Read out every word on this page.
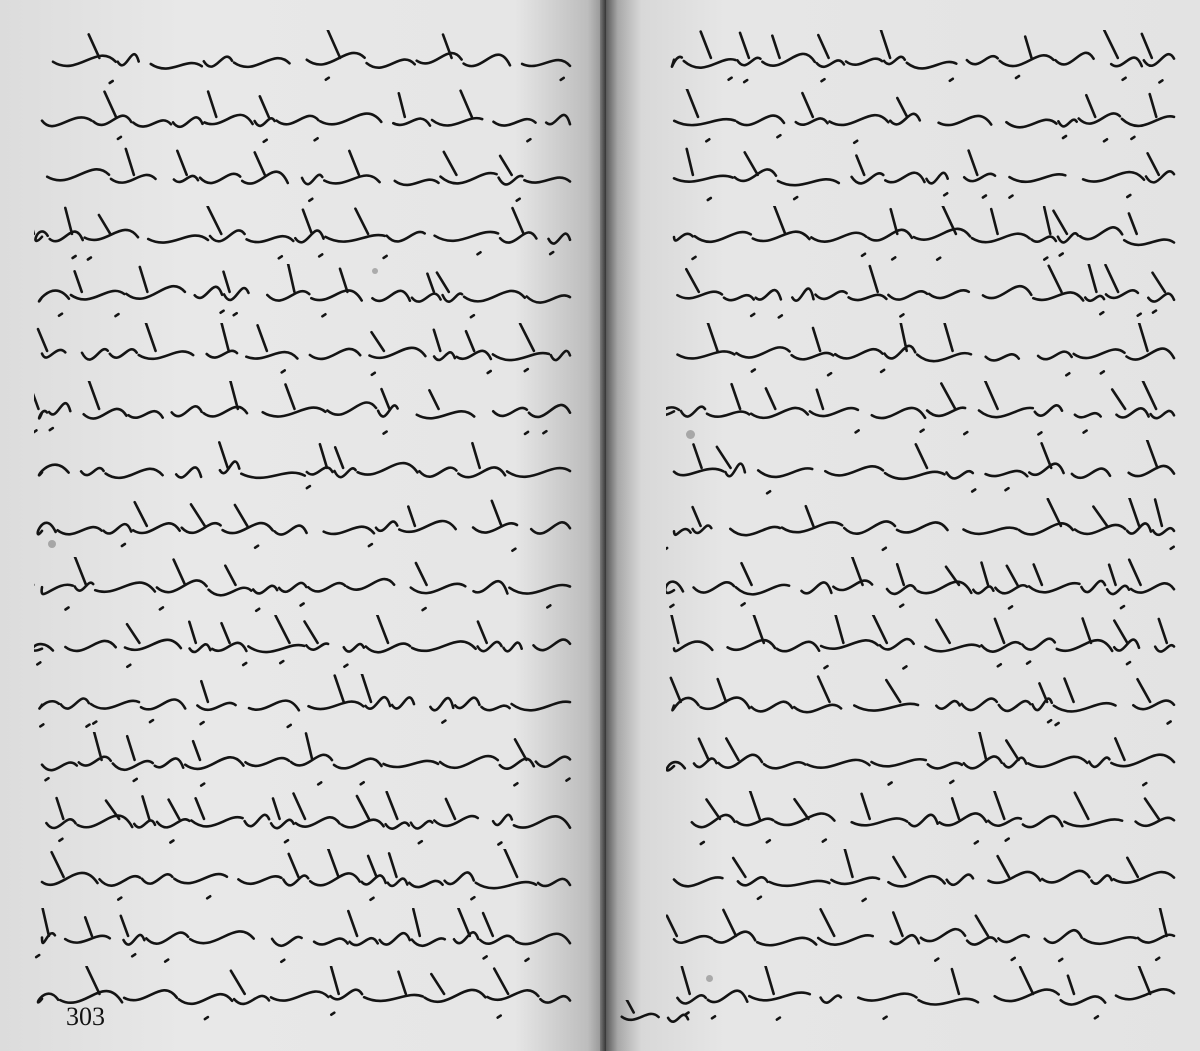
303
